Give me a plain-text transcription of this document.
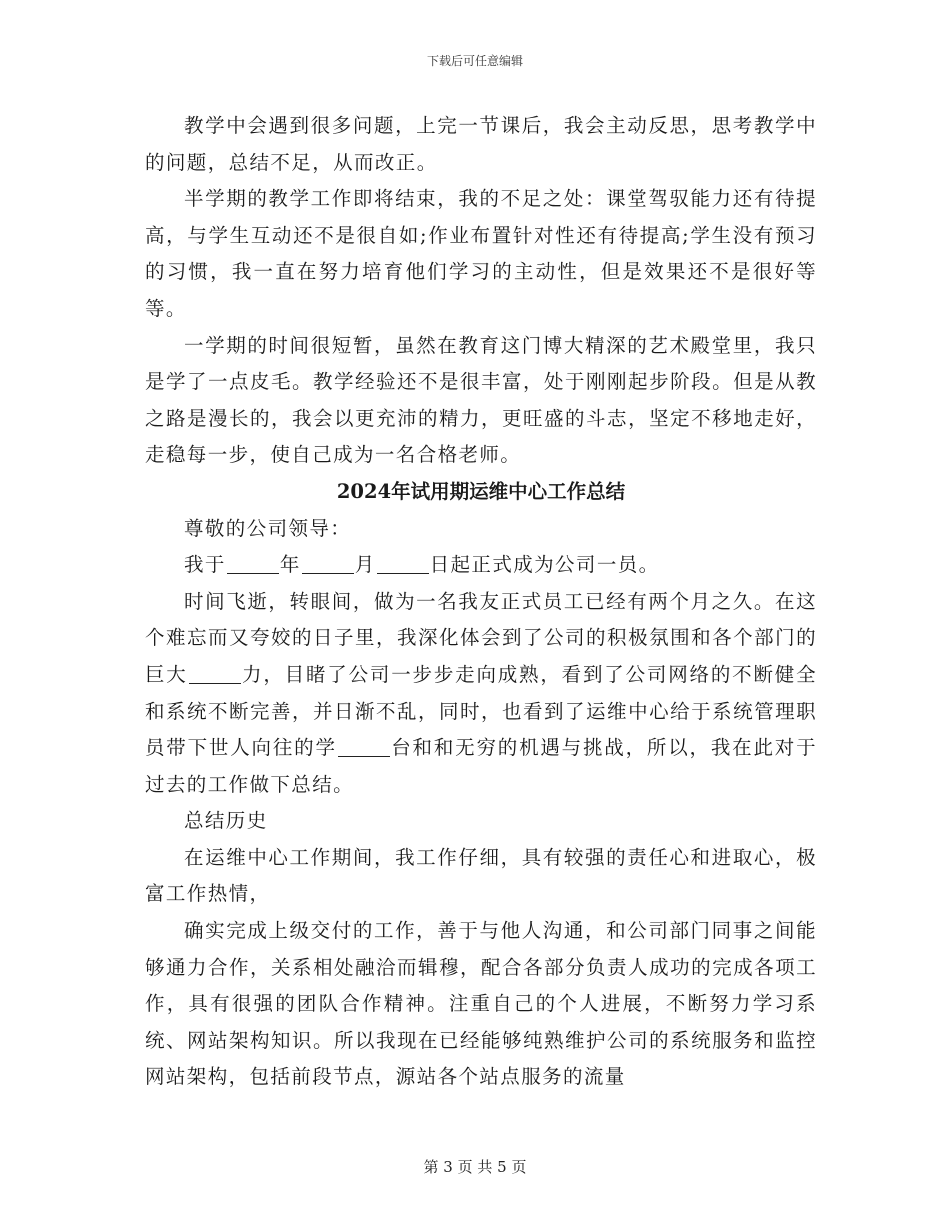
下载后可任意编辑

教学中会遇到很多问题，上完一节课后，我会主动反思，思考教学中的问题，总结不足，从而改正。

半学期的教学工作即将结束，我的不足之处：课堂驾驭能力还有待提高，与学生互动还不是很自如;作业布置针对性还有待提高;学生没有预习的习惯，我一直在努力培育他们学习的主动性，但是效果还不是很好等等。

一学期的时间很短暂，虽然在教育这门博大精深的艺术殿堂里，我只是学了一点皮毛。教学经验还不是很丰富，处于刚刚起步阶段。但是从教之路是漫长的，我会以更充沛的精力，更旺盛的斗志，坚定不移地走好，走稳每一步，使自己成为一名合格老师。

2024年试用期运维中心工作总结

尊敬的公司领导：

我于	年	月	日起正式成为公司一员。

时间飞逝，转眼间，做为一名我友正式员工已经有两个月之久。在这个难忘而又夸姣的日子里，我深化体会到了公司的积极氛围和各个部门的巨大	力，目睹了公司一步步走向成熟，看到了公司网络的不断健全和系统不断完善，并日渐不乱，同时，也看到了运维中心给于系统管理职员带下世人向往的学	台和和无穷的机遇与挑战，所以，我在此对于过去的工作做下总结。

总结历史

在运维中心工作期间，我工作仔细，具有较强的责任心和进取心，极富工作热情，

确实完成上级交付的工作，善于与他人沟通，和公司部门同事之间能够通力合作，关系相处融洽而辑穆，配合各部分负责人成功的完成各项工作，具有很强的团队合作精神。注重自己的个人进展，不断努力学习系统、网站架构知识。所以我现在已经能够纯熟维护公司的系统服务和监控网站架构，包括前段节点，源站各个站点服务的流量

第 3 页 共 5 页
